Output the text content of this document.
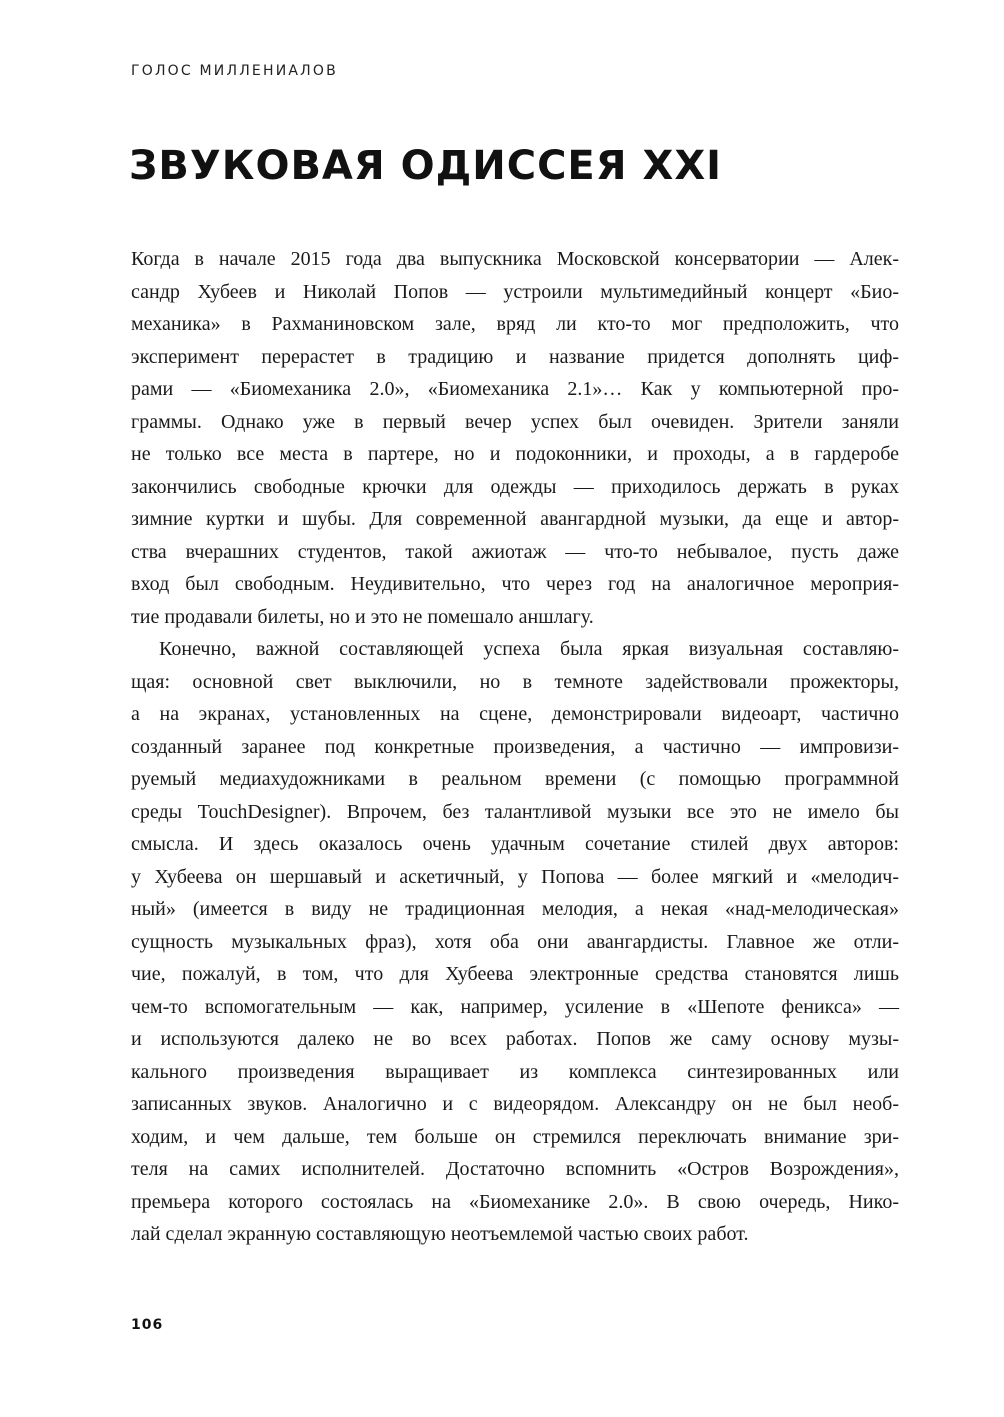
ГОЛОС МИЛЛЕНИАЛОВ
ЗВУКОВАЯ ОДИССЕЯ XXI
Когда в начале 2015 года два выпускника Московской консерватории — Алек-
сандр Хубеев и Николай Попов — устроили мультимедийный концерт «Био-
механика» в Рахманиновском зале, вряд ли кто-то мог предположить, что
эксперимент перерастет в традицию и название придется дополнять циф-
рами — «Биомеханика 2.0», «Биомеханика 2.1»… Как у компьютерной про-
граммы. Однако уже в первый вечер успех был очевиден. Зрители заняли
не только все места в партере, но и подоконники, и проходы, а в гардеробе
закончились свободные крючки для одежды — приходилось держать в руках
зимние куртки и шубы. Для современной авангардной музыки, да еще и автор-
ства вчерашних студентов, такой ажиотаж — что-то небывалое, пусть даже
вход был свободным. Неудивительно, что через год на аналогичное мероприя-
тие продавали билеты, но и это не помешало аншлагу.
Конечно, важной составляющей успеха была яркая визуальная составляю-
щая: основной свет выключили, но в темноте задействовали прожекторы,
а на экранах, установленных на сцене, демонстрировали видеоарт, частично
созданный заранее под конкретные произведения, а частично — импровизи-
руемый медиахудожниками в реальном времени (с помощью программной
среды TouchDesigner). Впрочем, без талантливой музыки все это не имело бы
смысла. И здесь оказалось очень удачным сочетание стилей двух авторов:
у Хубеева он шершавый и аскетичный, у Попова — более мягкий и «мелодич-
ный» (имеется в виду не традиционная мелодия, а некая «над-мелодическая»
сущность музыкальных фраз), хотя оба они авангардисты. Главное же отли-
чие, пожалуй, в том, что для Хубеева электронные средства становятся лишь
чем-то вспомогательным — как, например, усиление в «Шепоте феникса» —
и используются далеко не во всех работах. Попов же саму основу музы-
кального произведения выращивает из комплекса синтезированных или
записанных звуков. Аналогично и с видеорядом. Александру он не был необ-
ходим, и чем дальше, тем больше он стремился переключать внимание зри-
теля на самих исполнителей. Достаточно вспомнить «Остров Возрождения»,
премьера которого состоялась на «Биомеханике 2.0». В свою очередь, Нико-
лай сделал экранную составляющую неотъемлемой частью своих работ.
106
